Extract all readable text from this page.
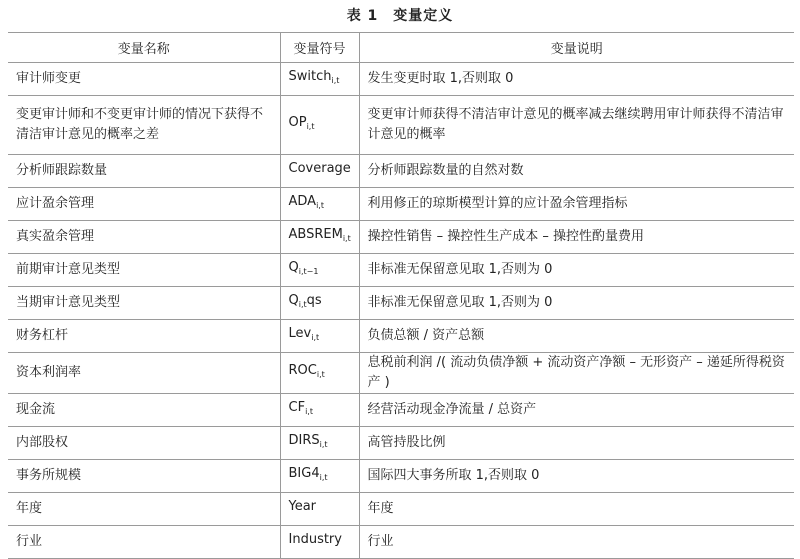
表 1　变量定义
变量名称	变量符号	变量说明
审计师变更	Switch$_{i,t}$	发生变更时取 1,否则取 0
变更审计师和不变更审计师的情况下获得不清洁审计意见的概率之差	$OP_{i,t}$	变更审计师获得不清洁审计意见的概率减去继续聘用审计师获得不清洁审计意见的概率
分析师跟踪数量	Coverage	分析师跟踪数量的自然对数
应计盈余管理	$ADA_{i,t}$	利用修正的琼斯模型计算的应计盈余管理指标
真实盈余管理	$ABSREM_{i,t}$	操控性销售 – 操控性生产成本 – 操控性酌量费用
前期审计意见类型	$Q_{i,t-1}$	非标准无保留意见取 1,否则为 0
当期审计意见类型	$Q_{i,t}qs$	非标准无保留意见取 1,否则为 0
财务杠杆	Lev$_{i,t}$	负债总额 / 资产总额
资本利润率	$ROC_{i,t}$	息税前利润 /( 流动负债净额 + 流动资产净额 – 无形资产 – 递延所得税资产 )
现金流	$CF_{i,t}$	经营活动现金净流量 / 总资产
内部股权	$DIRS_{i,t}$	高管持股比例
事务所规模	$BIG4_{i,t}$	国际四大事务所取 1,否则取 0
年度	Year	年度
行业	Industry	行业
